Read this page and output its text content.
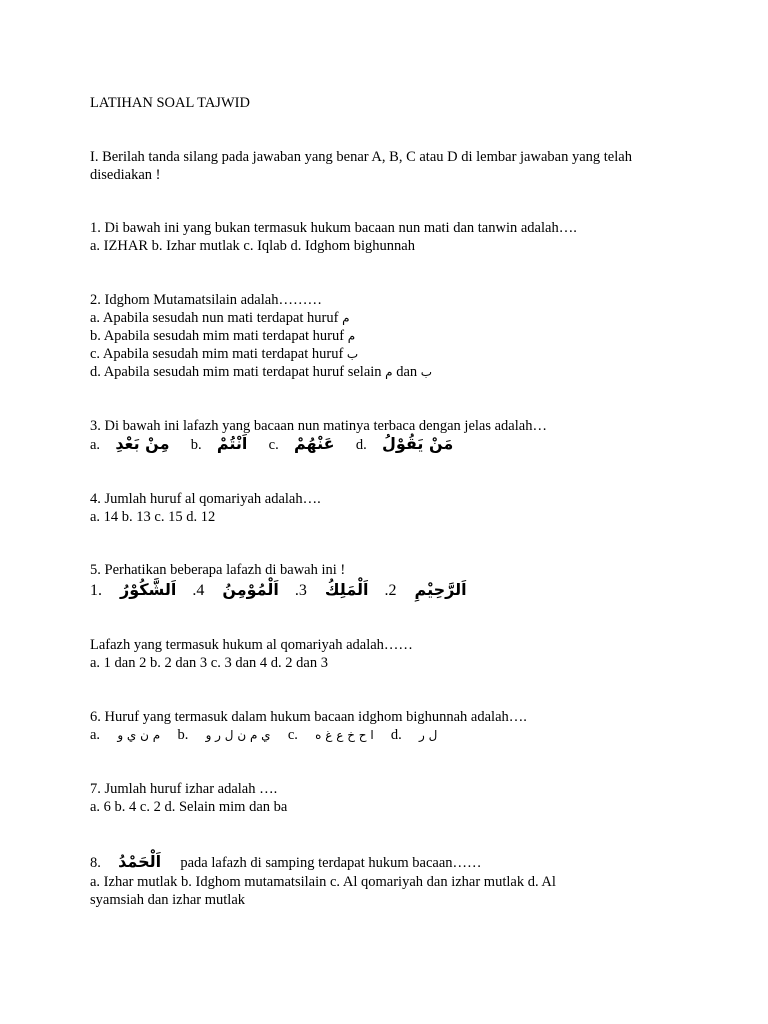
LATIHAN SOAL TAJWID
I. Berilah tanda silang pada jawaban yang benar A, B, C atau D di lembar jawaban yang telah
disediakan !
1. Di bawah ini yang bukan termasuk hukum bacaan nun mati dan tanwin adalah….
a. IZHAR b. Izhar mutlak c. Iqlab d. Idghom bighunnah
2. Idghom Mutamatsilain adalah………
a. Apabila sesudah nun mati terdapat huruf م
b. Apabila sesudah mim mati terdapat huruf م
c. Apabila sesudah mim mati terdapat huruf ب
d. Apabila sesudah mim mati terdapat huruf selain م dan ب
3. Di bawah ini lafazh yang bacaan nun matinya terbaca dengan jelas adalah…
a. مِنْ بَعْدِ b. اَنْتُمْ c. عَنْهُمْ d. مَنْ يَقُوْلُ
4. Jumlah huruf al qomariyah adalah….
a. 14 b. 13 c. 15 d. 12
5. Perhatikan beberapa lafazh di bawah ini !
1. اَلشَّكُوْرُ .4 اَلْمُوْمِنُ .3 اَلْمَلِكُ .2 اَلرَّحِيْمِ
Lafazh yang termasuk hukum al qomariyah adalah……
a. 1 dan 2 b. 2 dan 3 c. 3 dan 4 d. 2 dan 3
6. Huruf yang termasuk dalam hukum bacaan idghom bighunnah adalah….
a. م ن ي و b. ي م ن ل ر و c. ا ح خ ع غ ه d. ل ر
7. Jumlah huruf izhar adalah ….
a. 6 b. 4 c. 2 d. Selain mim dan ba
8. اَلْحَمْدُ pada lafazh di samping terdapat hukum bacaan……
a. Izhar mutlak b. Idghom mutamatsilain c. Al qomariyah dan izhar mutlak d. Al
syamsiah dan izhar mutlak
